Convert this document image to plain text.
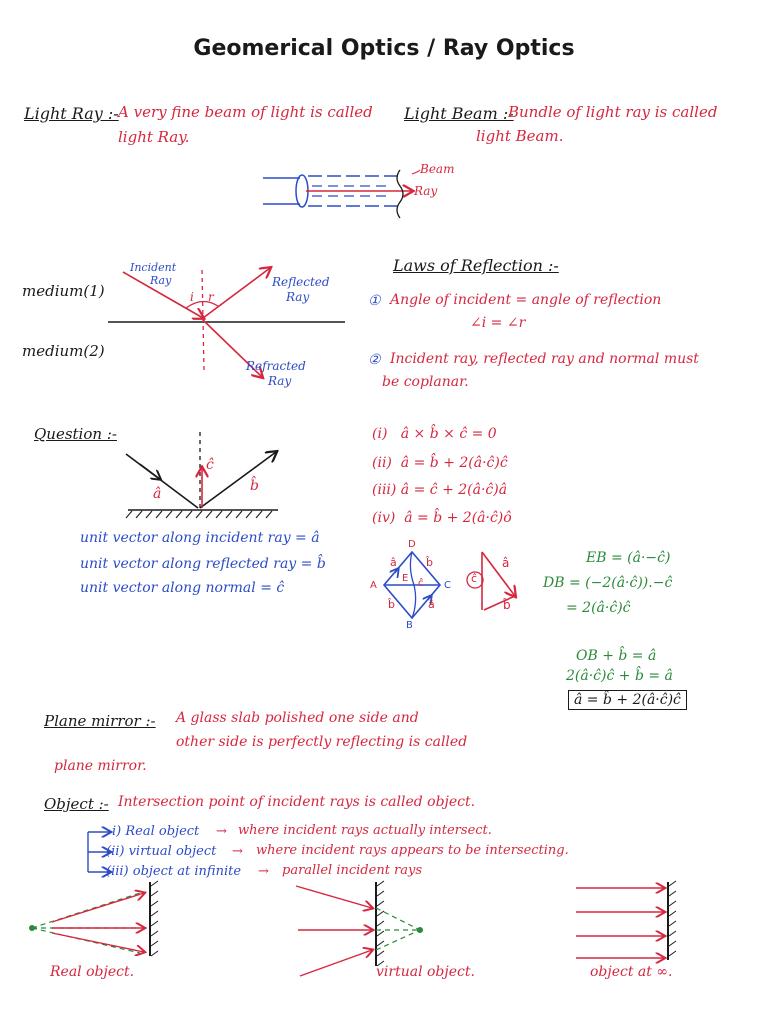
Geomerical Optics / Ray Optics
Light Ray :- A very fine beam of light is called
light Ray.
Light Beam :-
Bundle of light ray is called
light Beam.
Beam
Ray
medium(1)
medium(2)
Incident
Ray	Reflected
Ray
Refracted
Ray
i r
Laws of Reflection :-
① Angle of incident = angle of reflection
∠i = ∠r
② Incident ray, reflected ray and normal must
be coplanar.
Question :-
â	b̂
ĉ
unit vector along incident ray = â
unit vector along reflected ray = b̂
unit vector along normal = ĉ
(i)   â × b̂ × ĉ = 0
(ii)  â = b̂ + 2(â·ĉ)ĉ
(iii) â = ĉ + 2(â·ĉ)â
(iv)  â = b̂ + 2(â·ĉ)ô
D
A
E
C
B
â	b̂
b̂	â
ĉ
â
b̂
ĉ
EB = (â·−ĉ)
DB = (−2(â·ĉ)).−ĉ
= 2(â·ĉ)ĉ
OB + b̂ = â
2(â·ĉ)ĉ + b̂ = â
â = b̂ + 2(â·ĉ)ĉ
Plane mirror :- A glass slab polished one side and
other side is perfectly reflecting is called
plane mirror.
Object :- Intersection point of incident rays is called object.
i) Real object → where incident rays actually intersect.
(ii) virtual object → where incident rays appears to be intersecting.
(iii) object at infinite → parallel incident rays
Real object.	virtual object.	object at ∞.
